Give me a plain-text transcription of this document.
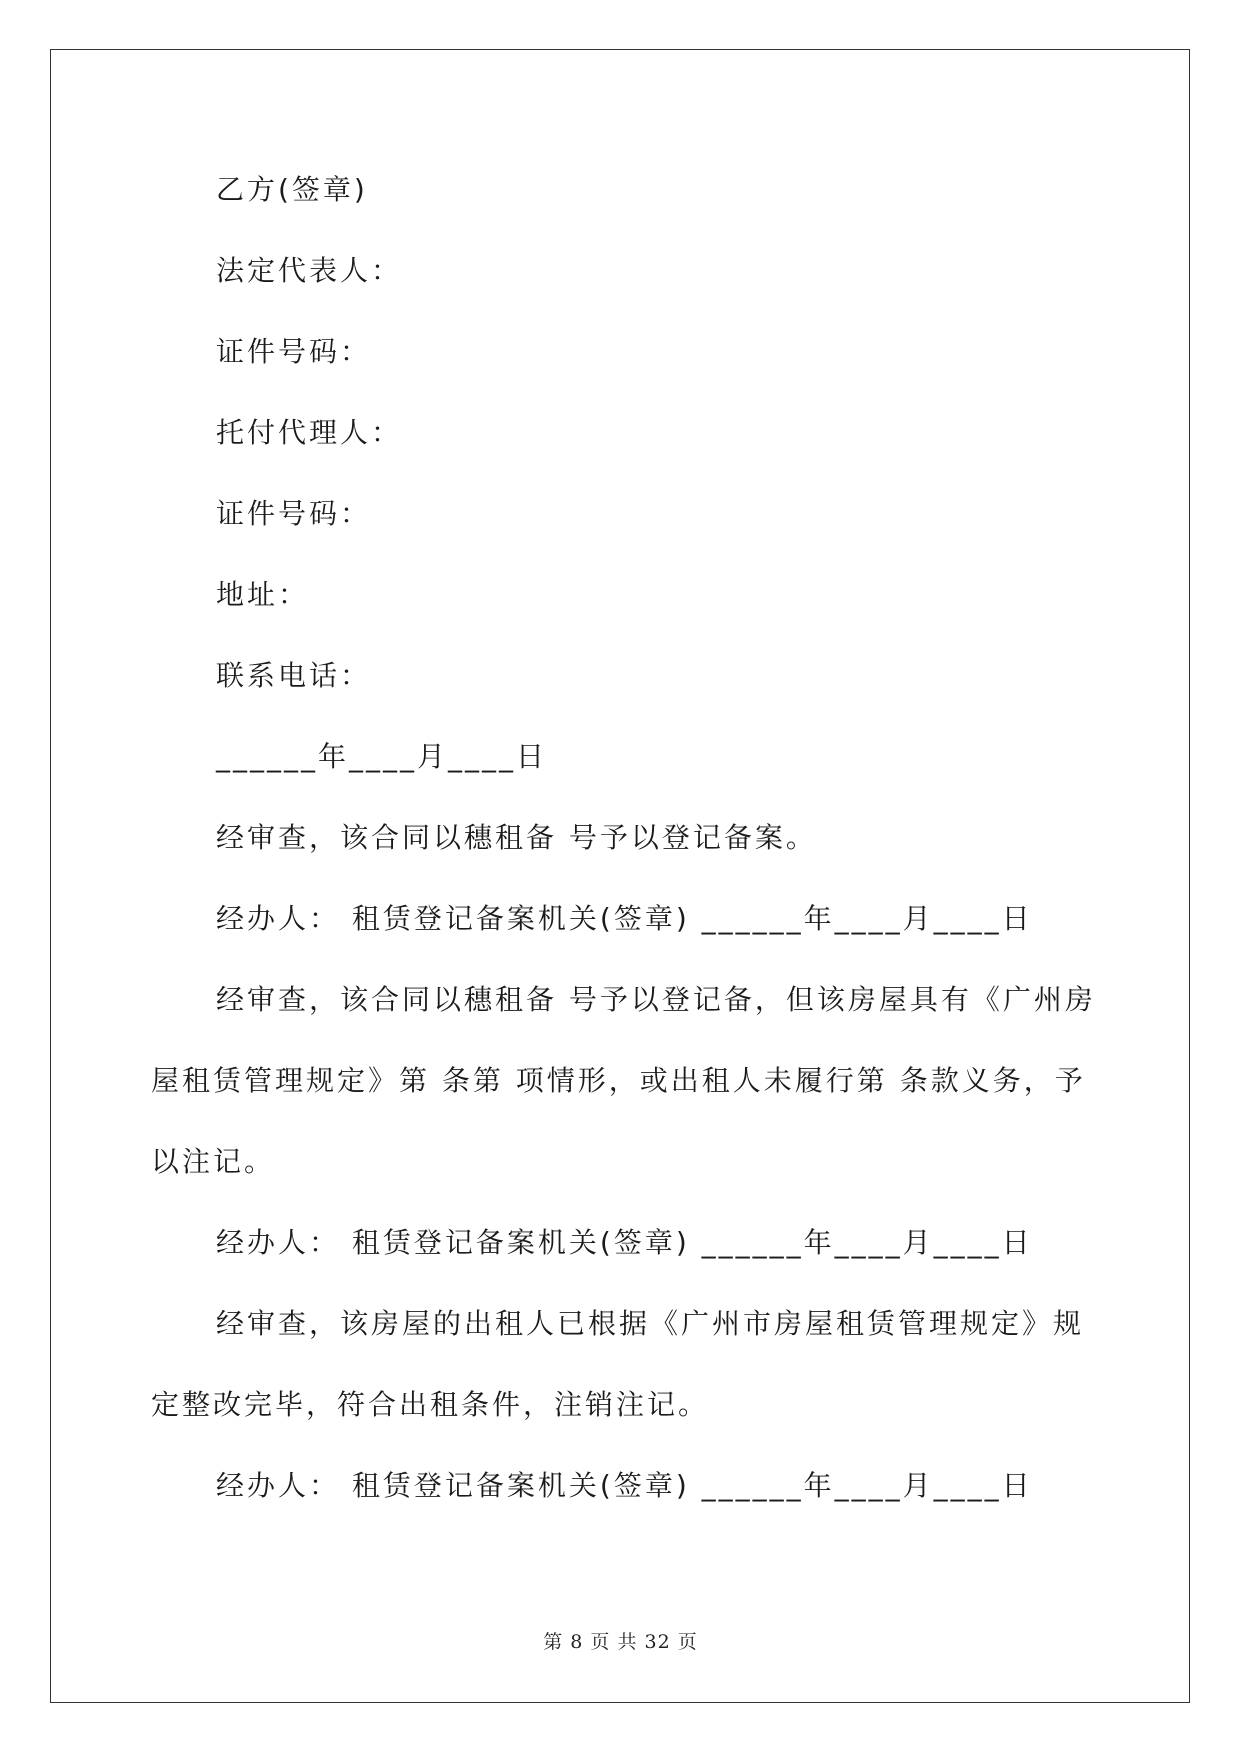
乙方(签章)
法定代表人：
证件号码：
托付代理人：
证件号码：
地址：
联系电话：
______年____月____日
经审查，该合同以穗租备 号予以登记备案。
经办人： 租赁登记备案机关(签章) ______年____月____日
经审查，该合同以穗租备 号予以登记备，但该房屋具有《广州房
屋租赁管理规定》第 条第 项情形，或出租人未履行第 条款义务，予
以注记。
经办人： 租赁登记备案机关(签章) ______年____月____日
经审查，该房屋的出租人已根据《广州市房屋租赁管理规定》规
定整改完毕，符合出租条件，注销注记。
经办人： 租赁登记备案机关(签章) ______年____月____日
第 8 页 共 32 页
